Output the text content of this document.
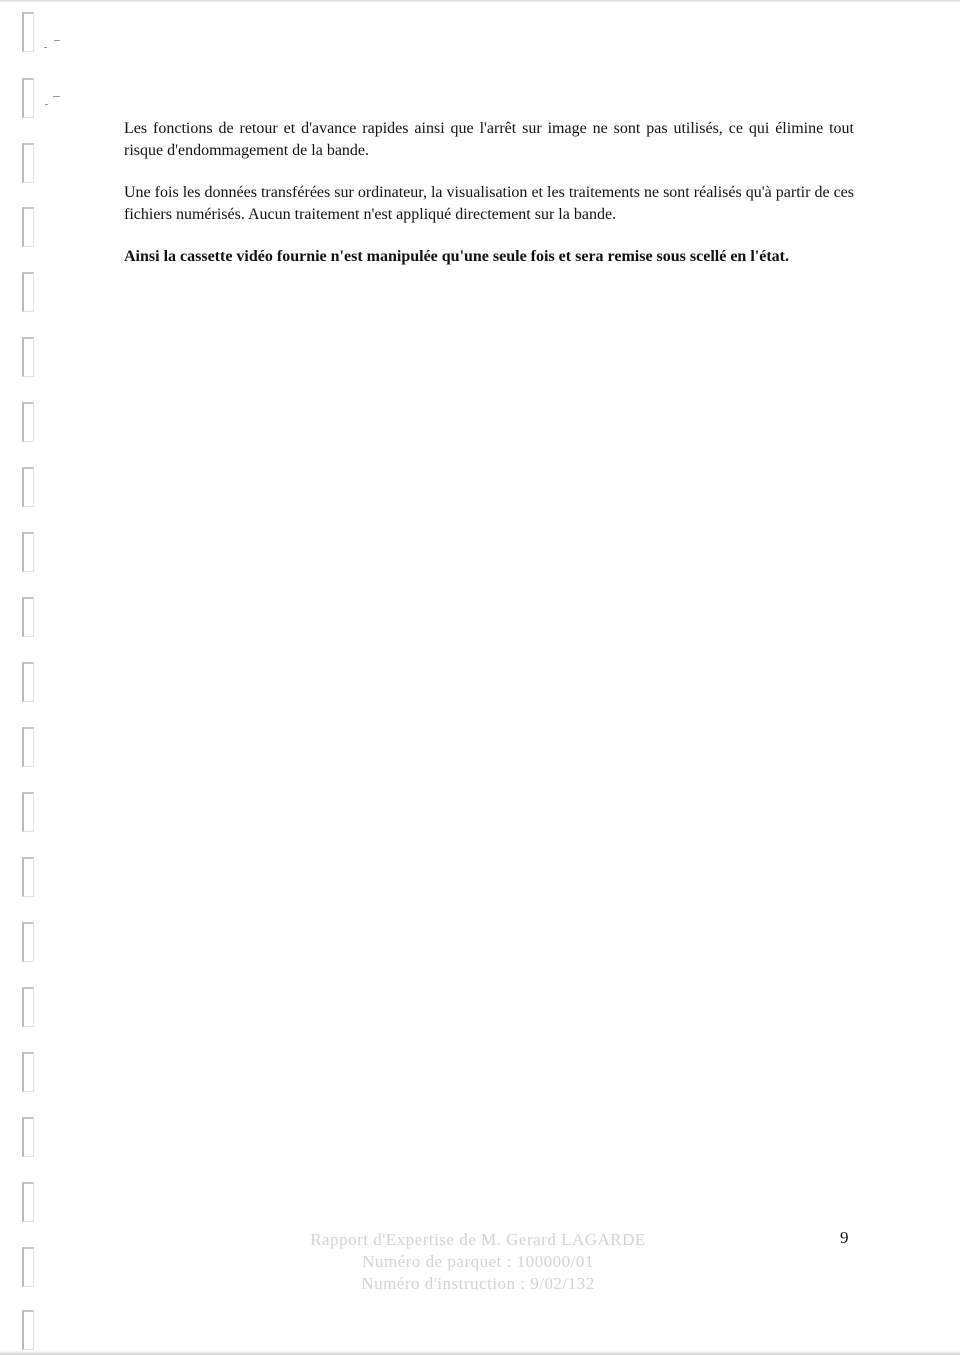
Les fonctions de retour et d'avance rapides ainsi que l'arrêt sur image ne sont pas utilisés, ce qui élimine tout risque d'endommagement de la bande.

Une fois les données transférées sur ordinateur, la visualisation et les traitements ne sont réalisés qu'à partir de ces fichiers numérisés. Aucun traitement n'est appliqué directement sur la bande.

Ainsi la cassette vidéo fournie n'est manipulée qu'une seule fois et sera remise sous scellé en l'état.

Rapport d'Expertise de M. Gerard LAGARDE
Numéro de parquet : 100000/01
Numéro d'instruction : 9/02/132
9
